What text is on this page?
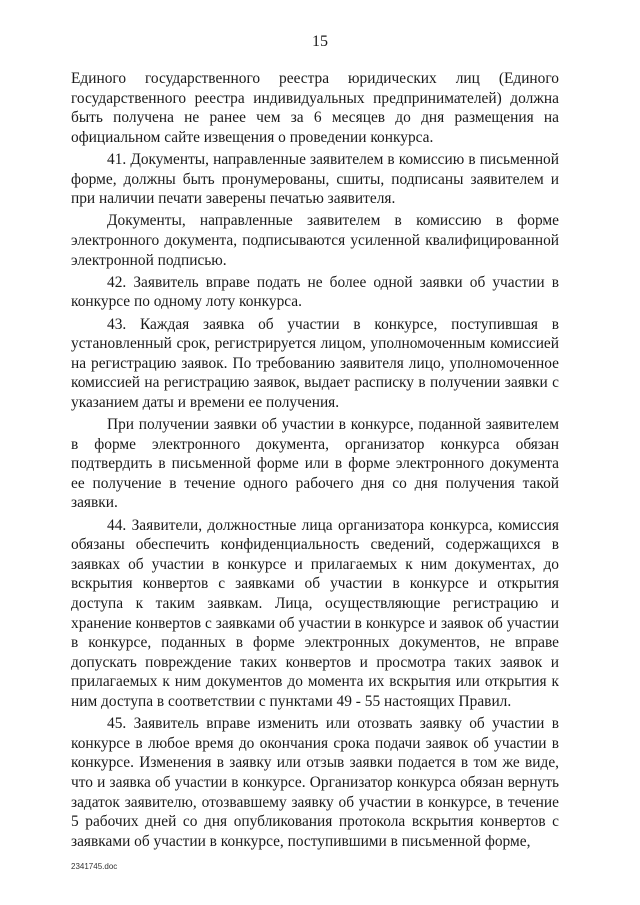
15

Единого государственного реестра юридических лиц (Единого государственного реестра индивидуальных предпринимателей) должна быть получена не ранее чем за 6 месяцев до дня размещения на официальном сайте извещения о проведении конкурса.

41. Документы, направленные заявителем в комиссию в письменной форме, должны быть пронумерованы, сшиты, подписаны заявителем и при наличии печати заверены печатью заявителя.

Документы, направленные заявителем в комиссию в форме электронного документа, подписываются усиленной квалифицированной электронной подписью.

42. Заявитель вправе подать не более одной заявки об участии в конкурсе по одному лоту конкурса.

43. Каждая заявка об участии в конкурсе, поступившая в установленный срок, регистрируется лицом, уполномоченным комиссией на регистрацию заявок. По требованию заявителя лицо, уполномоченное комиссией на регистрацию заявок, выдает расписку в получении заявки с указанием даты и времени ее получения.

При получении заявки об участии в конкурсе, поданной заявителем в форме электронного документа, организатор конкурса обязан подтвердить в письменной форме или в форме электронного документа ее получение в течение одного рабочего дня со дня получения такой заявки.

44. Заявители, должностные лица организатора конкурса, комиссия обязаны обеспечить конфиденциальность сведений, содержащихся в заявках об участии в конкурсе и прилагаемых к ним документах, до вскрытия конвертов с заявками об участии в конкурсе и открытия доступа к таким заявкам. Лица, осуществляющие регистрацию и хранение конвертов с заявками об участии в конкурсе и заявок об участии в конкурсе, поданных в форме электронных документов, не вправе допускать повреждение таких конвертов и просмотра таких заявок и прилагаемых к ним документов до момента их вскрытия или открытия к ним доступа в соответствии с пунктами 49 - 55 настоящих Правил.

45. Заявитель вправе изменить или отозвать заявку об участии в конкурсе в любое время до окончания срока подачи заявок об участии в конкурсе. Изменения в заявку или отзыв заявки подается в том же виде, что и заявка об участии в конкурсе. Организатор конкурса обязан вернуть задаток заявителю, отозвавшему заявку об участии в конкурсе, в течение 5 рабочих дней со дня опубликования протокола вскрытия конвертов с заявками об участии в конкурсе, поступившими в письменной форме,

2341745.doc
